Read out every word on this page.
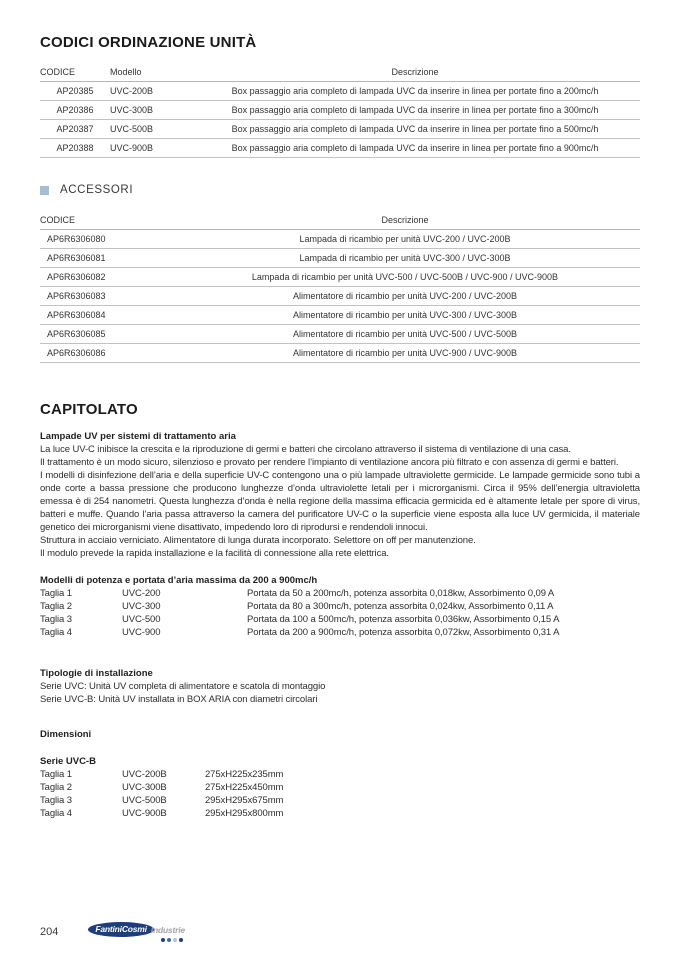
CODICI ORDINAZIONE UNITÀ
CODICE	Modello	Descrizione
AP20385	UVC-200B	Box passaggio aria completo di lampada UVC da inserire in linea per portate fino a 200mc/h
AP20386	UVC-300B	Box passaggio aria completo di lampada UVC da inserire in linea per portate fino a 300mc/h
AP20387	UVC-500B	Box passaggio aria completo di lampada UVC da inserire in linea per portate fino a 500mc/h
AP20388	UVC-900B	Box passaggio aria completo di lampada UVC da inserire in linea per portate fino a 900mc/h
ACCESSORI
CODICE	Descrizione
AP6R6306080	Lampada di ricambio per unità UVC-200 / UVC-200B
AP6R6306081	Lampada di ricambio per unità UVC-300 / UVC-300B
AP6R6306082	Lampada di ricambio per unità UVC-500 / UVC-500B / UVC-900 / UVC-900B
AP6R6306083	Alimentatore di ricambio per unità UVC-200 / UVC-200B
AP6R6306084	Alimentatore di ricambio per unità UVC-300 / UVC-300B
AP6R6306085	Alimentatore di ricambio per unità UVC-500 / UVC-500B
AP6R6306086	Alimentatore di ricambio per unità UVC-900 / UVC-900B
CAPITOLATO

Lampade UV per sistemi di trattamento aria

La luce UV-C inibisce la crescita e la riproduzione di germi e batteri che circolano attraverso il sistema di ventilazione di una casa.

Il trattamento è un modo sicuro, silenzioso e provato per rendere l’impianto di ventilazione ancora più filtrato e con assenza di germi e batteri.

I modelli di disinfezione dell’aria e della superficie UV-C contengono una o più lampade ultraviolette germicide. Le lampade germicide sono tubi a onde corte a bassa pressione che producono lunghezze d’onda ultraviolette letali per i microrganismi. Circa il 95% dell’energia ultravioletta emessa è di 254 nanometri. Questa lunghezza d’onda è nella regione della massima efficacia germicida ed è altamente letale per spore di virus, batteri e muffe. Quando l’aria passa attraverso la camera del purificatore UV-C o la superficie viene esposta alla luce UV germicida, il materiale genetico dei microrganismi viene disattivato, impedendo loro di riprodursi e rendendoli innocui.

Struttura in acciaio verniciato. Alimentatore di lunga durata incorporato. Selettore on off per manutenzione.

Il modulo prevede la rapida installazione e la facilità di connessione alla rete elettrica.

Modelli di potenza e portata d’aria massima da 200 a 900mc/h

Taglia 1	UVC-200	Portata da 50 a 200mc/h, potenza assorbita 0,018kw, Assorbimento 0,09 A
Taglia 2	UVC-300	Portata da 80 a 300mc/h, potenza assorbita 0,024kw, Assorbimento 0,11 A
Taglia 3	UVC-500	Portata da 100 a 500mc/h, potenza assorbita 0,036kw, Assorbimento 0,15 A
Taglia 4	UVC-900	Portata da 200 a 900mc/h, potenza assorbita 0,072kw, Assorbimento 0,31 A

Tipologie di installazione

Serie UVC: Unità UV completa di alimentatore e scatola di montaggio

Serie UVC-B: Unità UV installata in BOX ARIA con diametri circolari

Dimensioni

Serie UVC-B

Taglia 1	UVC-200B	275xH225x235mm
Taglia 2	UVC-300B	275xH225x450mm
Taglia 3	UVC-500B	295xH295x675mm
Taglia 4	UVC-900B	295xH295x800mm
204	FantiniCosmi Industrie
